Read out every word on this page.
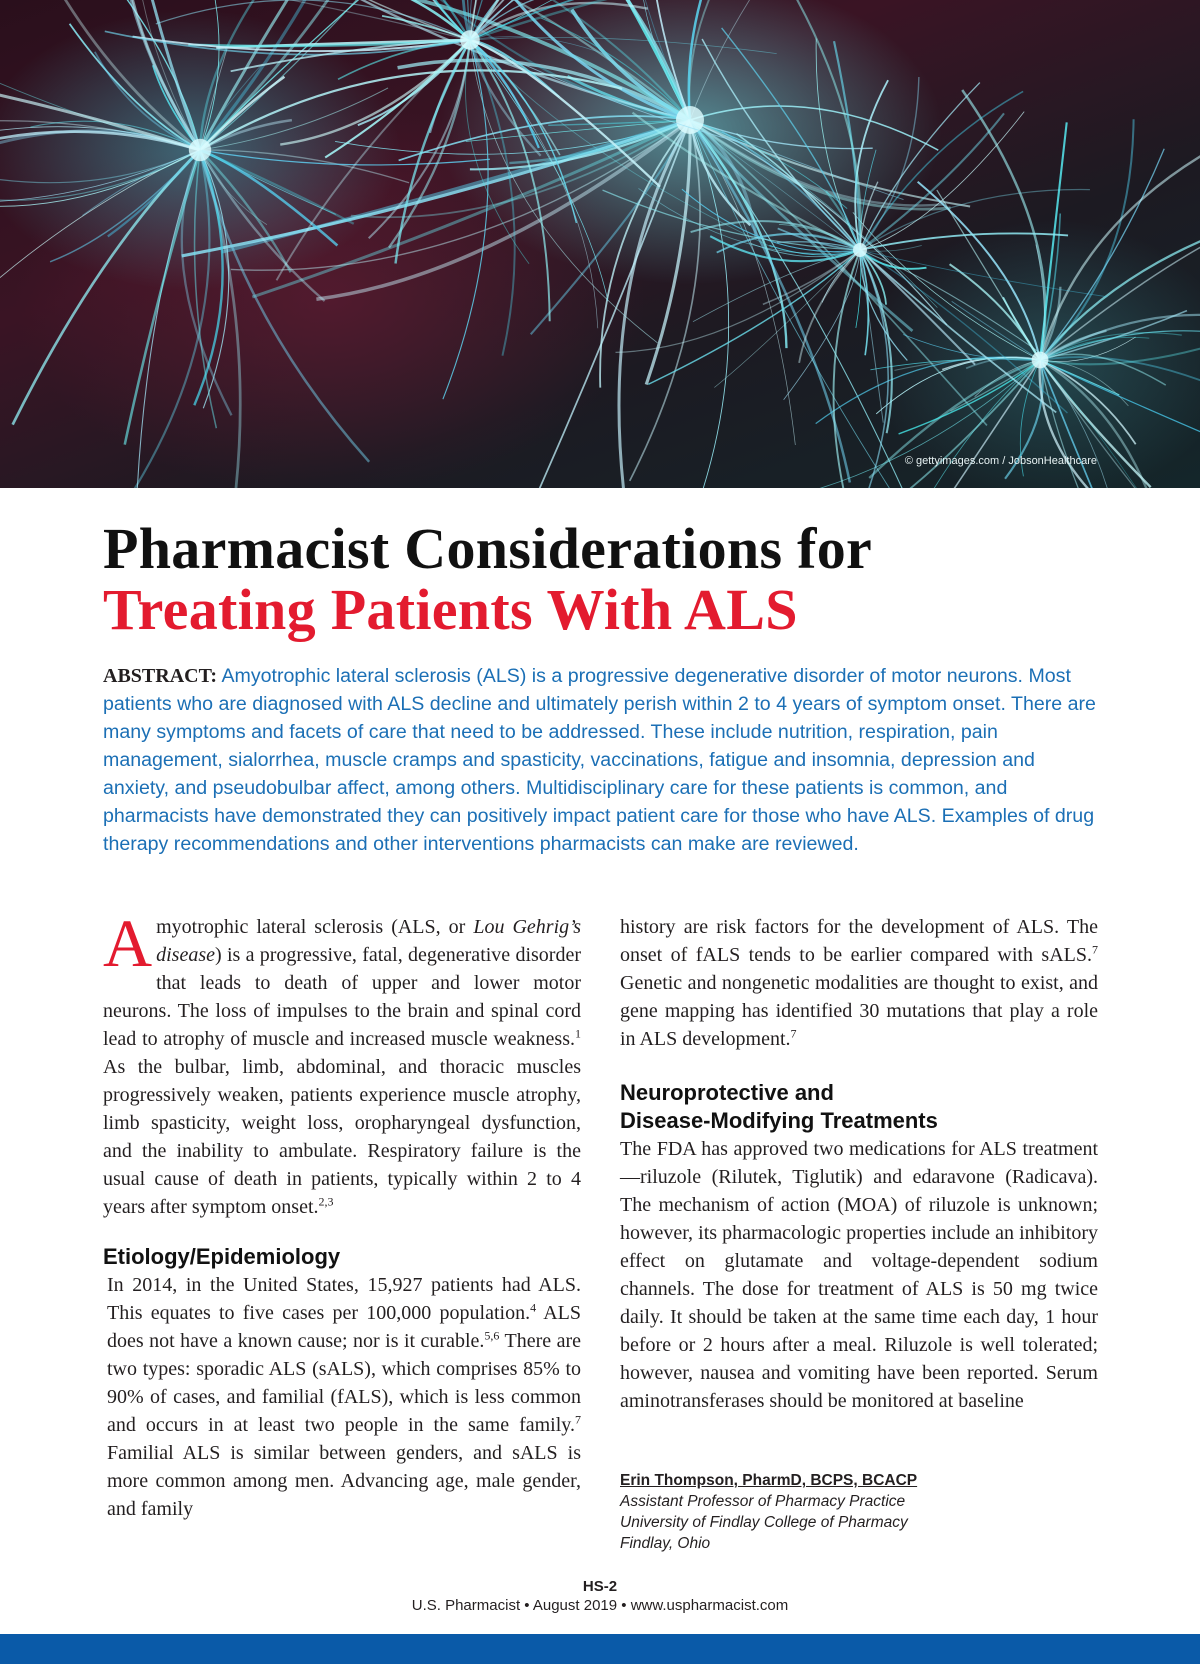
© gettyimages.com / JobsonHealthcare
Pharmacist Considerations for
Treating Patients With ALS
ABSTRACT: Amyotrophic lateral sclerosis (ALS) is a progressive degenerative disorder of motor neurons. Most patients who are diagnosed with ALS decline and ultimately perish within 2 to 4 years of symptom onset. There are many symptoms and facets of care that need to be addressed. These include nutrition, respiration, pain management, sialorrhea, muscle cramps and spasticity, vaccinations, fatigue and insomnia, depression and anxiety, and pseudobulbar affect, among others. Multidisciplinary care for these patients is common, and pharmacists have demonstrated they can positively impact patient care for those who have ALS. Examples of drug therapy recommendations and other interventions pharmacists can make are reviewed.

Amyotrophic lateral sclerosis (ALS, or Lou Gehrig’s disease) is a progressive, fatal, degenerative disorder that leads to death of upper and lower motor neurons. The loss of impulses to the brain and spinal cord lead to atrophy of muscle and increased muscle weakness.$^1$ As the bulbar, limb, abdominal, and thoracic muscles progressively weaken, patients experience muscle atrophy, limb spasticity, weight loss, oropharyngeal dysfunction, and the inability to ambulate. Respiratory failure is the usual cause of death in patients, typically within 2 to 4 years after symptom onset.$^{2,3}$

Etiology/Epidemiology

In 2014, in the United States, 15,927 patients had ALS. This equates to five cases per 100,000 population.$^4$ ALS does not have a known cause; nor is it curable.$^{5,6}$ There are two types: sporadic ALS (sALS), which comprises 85% to 90% of cases, and familial (fALS), which is less common and occurs in at least two people in the same family.$^7$ Familial ALS is similar between genders, and sALS is more common among men. Advancing age, male gender, and family

history are risk factors for the development of ALS. The onset of fALS tends to be earlier compared with sALS.$^7$ Genetic and nongenetic modalities are thought to exist, and gene mapping has identified 30 mutations that play a role in ALS development.$^7$

Neuroprotective and
Disease-Modifying Treatments

The FDA has approved two medications for ALS treatment—riluzole (Rilutek, Tiglutik) and edaravone (Radicava). The mechanism of action (MOA) of riluzole is unknown; however, its pharmacologic properties include an inhibitory effect on glutamate and voltage-dependent sodium channels. The dose for treatment of ALS is 50 mg twice daily. It should be taken at the same time each day, 1 hour before or 2 hours after a meal. Riluzole is well tolerated; however, nausea and vomiting have been reported. Serum aminotransferases should be monitored at baseline

Erin Thompson, PharmD, BCPS, BCACP
Assistant Professor of Pharmacy Practice
University of Findlay College of Pharmacy
Findlay, Ohio
HS-2
U.S. Pharmacist • August 2019 • www.uspharmacist.com
